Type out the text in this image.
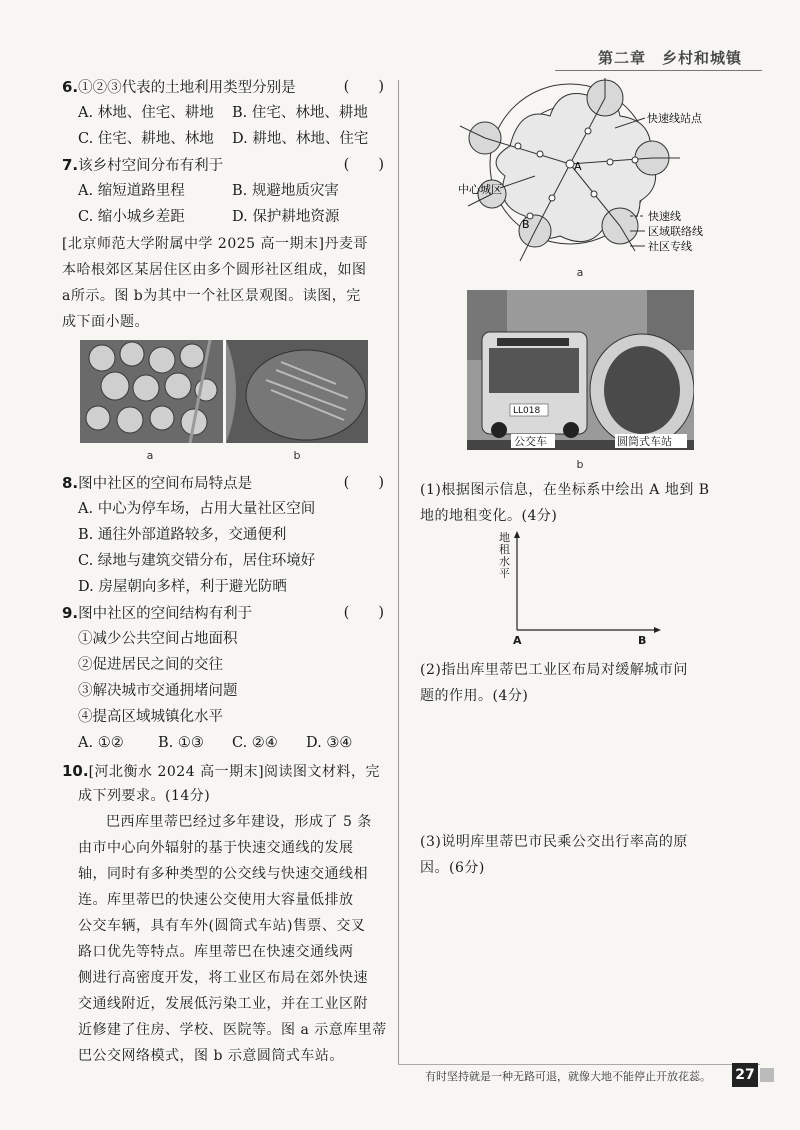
第二章　乡村和城镇
6.①②③代表的土地利用类型分别是	(　　)
A. 林地、住宅、耕地 B. 住宅、林地、耕地
C. 住宅、耕地、林地 D. 耕地、林地、住宅
7.该乡村空间分布有利于	(　　)
A. 缩短道路里程	B. 规避地质灾害
C. 缩小城乡差距	D. 保护耕地资源
[北京师范大学附属中学 2025 高一期末]丹麦哥
本哈根郊区某居住区由多个圆形社区组成，如图
a所示。图 b为其中一个社区景观图。读图，完
成下面小题。
a	b
8.图中社区的空间布局特点是	(　　)
A. 中心为停车场，占用大量社区空间
B. 通往外部道路较多，交通便利
C. 绿地与建筑交错分布，居住环境好
D. 房屋朝向多样，利于避光防晒
9.图中社区的空间结构有利于	(　　)
①减少公共空间占地面积
②促进居民之间的交往
③解决城市交通拥堵问题
④提高区域城镇化水平
A. ①② B. ①③ C. ②④ D. ③④
10.[河北衡水 2024 高一期末]阅读图文材料，完
成下列要求。(14分)
巴西库里蒂巴经过多年建设，形成了 5 条
由市中心向外辐射的基于快速交通线的发展
轴，同时有多种类型的公交线与快速交通线相
连。库里蒂巴的快速公交使用大容量低排放
公交车辆，具有车外(圆筒式车站)售票、交叉
路口优先等特点。库里蒂巴在快速交通线两
侧进行高密度开发，将工业区布局在郊外快速
交通线附近，发展低污染工业，并在工业区附
近修建了住房、学校、医院等。图 a 示意库里蒂
巴公交网络模式，图 b 示意圆筒式车站。
快速线站点
中心城区
A
B
快速线
区域联络线
社区专线
a
LL018
公交车	圆筒式车站
b
(1)根据图示信息，在坐标系中绘出 A 地到 B
地的地租变化。(4分)
地租水平
A	B
(2)指出库里蒂巴工业区布局对缓解城市问
题的作用。(4分)
(3)说明库里蒂巴市民乘公交出行率高的原
因。(6分)
有时坚持就是一种无路可退，就像大地不能停止开放花蕊。 27
